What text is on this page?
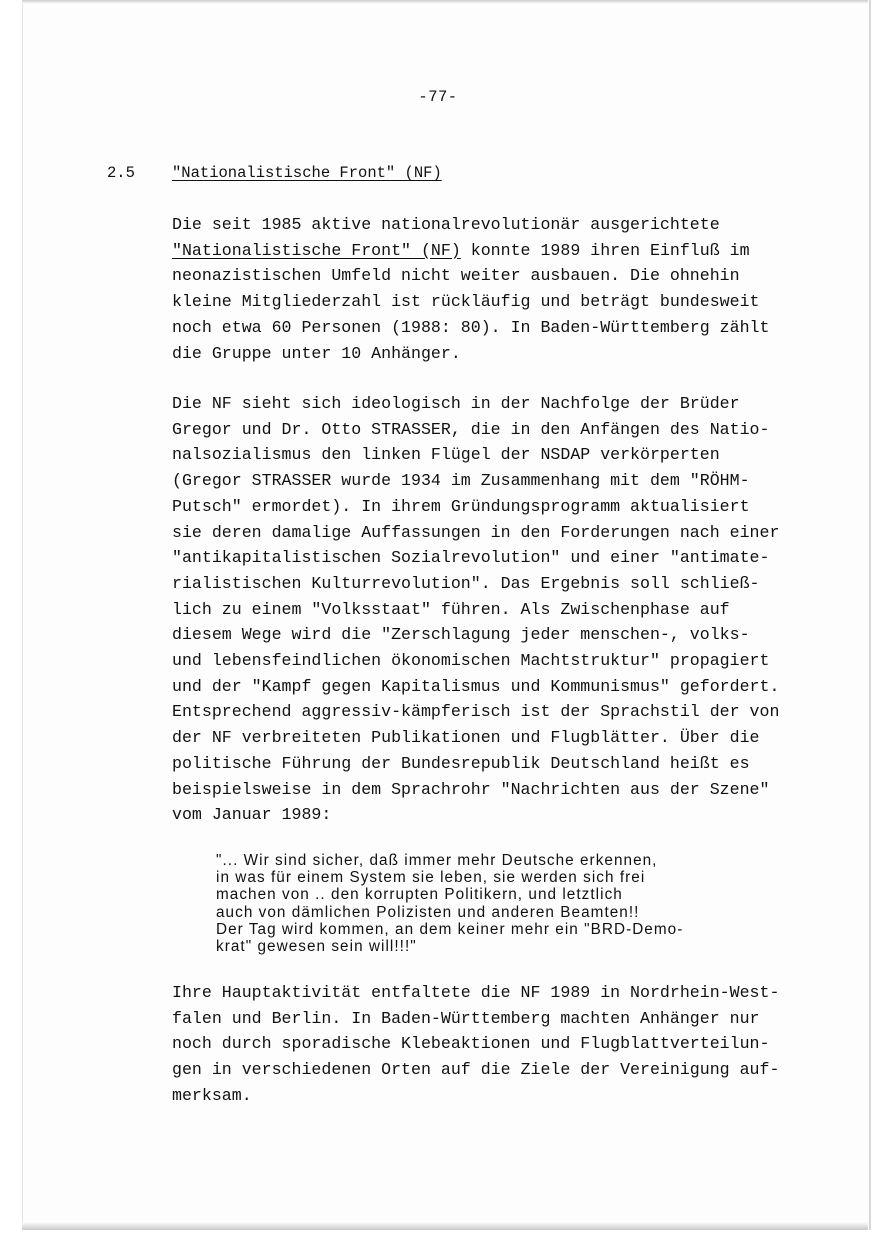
-77-
2.5 "Nationalistische Front" (NF)
Die seit 1985 aktive nationalrevolutionär ausgerichtete
"Nationalistische Front" (NF) konnte 1989 ihren Einfluß im
neonazistischen Umfeld nicht weiter ausbauen. Die ohnehin
kleine Mitgliederzahl ist rückläufig und beträgt bundesweit
noch etwa 60 Personen (1988: 80). In Baden-Württemberg zählt
die Gruppe unter 10 Anhänger.
Die NF sieht sich ideologisch in der Nachfolge der Brüder
Gregor und Dr. Otto STRASSER, die in den Anfängen des Natio-
nalsozialismus den linken Flügel der NSDAP verkörperten
(Gregor STRASSER wurde 1934 im Zusammenhang mit dem "RÖHM-
Putsch" ermordet). In ihrem Gründungsprogramm aktualisiert
sie deren damalige Auffassungen in den Forderungen nach einer
"antikapitalistischen Sozialrevolution" und einer "antimate-
rialistischen Kulturrevolution". Das Ergebnis soll schließ-
lich zu einem "Volksstaat" führen. Als Zwischenphase auf
diesem Wege wird die "Zerschlagung jeder menschen-, volks-
und lebensfeindlichen ökonomischen Machtstruktur" propagiert
und der "Kampf gegen Kapitalismus und Kommunismus" gefordert.
Entsprechend aggressiv-kämpferisch ist der Sprachstil der von
der NF verbreiteten Publikationen und Flugblätter. Über die
politische Führung der Bundesrepublik Deutschland heißt es
beispielsweise in dem Sprachrohr "Nachrichten aus der Szene"
vom Januar 1989:
"... Wir sind sicher, daß immer mehr Deutsche erkennen,
in was für einem System sie leben, sie werden sich frei
machen von .. den korrupten Politikern, und letztlich
auch von dämlichen Polizisten und anderen Beamten!!
Der Tag wird kommen, an dem keiner mehr ein "BRD-Demo-
krat" gewesen sein will!!!"
Ihre Hauptaktivität entfaltete die NF 1989 in Nordrhein-West-
falen und Berlin. In Baden-Württemberg machten Anhänger nur
noch durch sporadische Klebeaktionen und Flugblattverteilun-
gen in verschiedenen Orten auf die Ziele der Vereinigung auf-
merksam.
